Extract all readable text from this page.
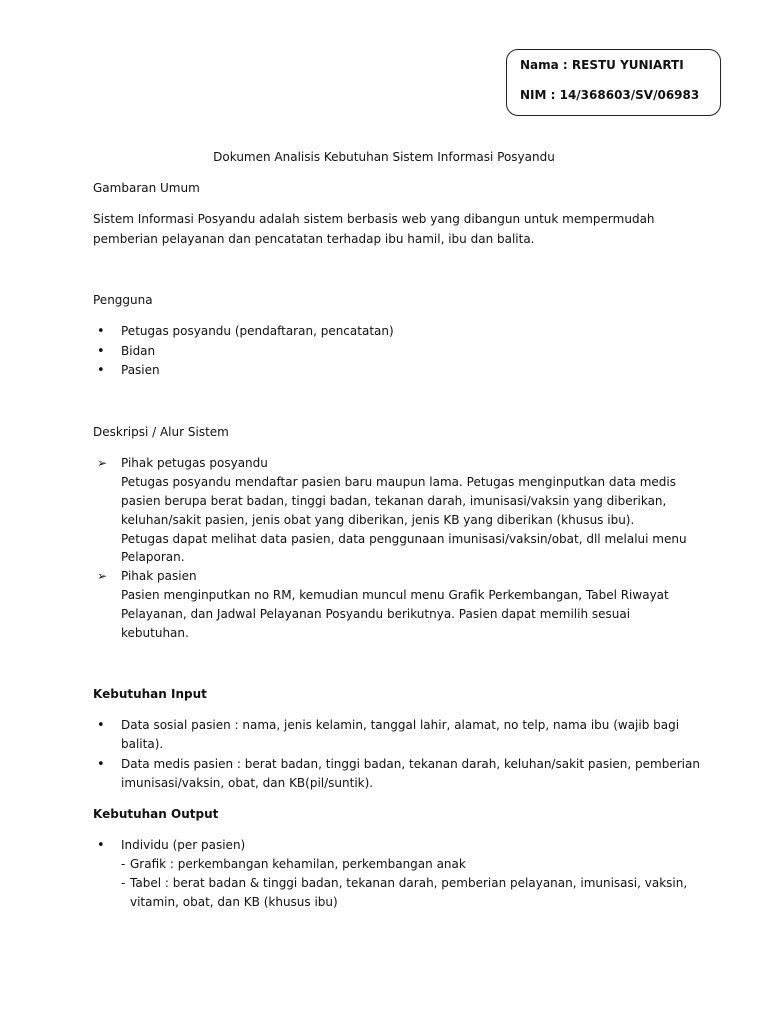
Nama : RESTU YUNIARTI
NIM : 14/368603/SV/06983
Dokumen Analisis Kebutuhan Sistem Informasi Posyandu
Gambaran Umum
Sistem Informasi Posyandu adalah sistem berbasis web yang dibangun untuk mempermudah
pemberian pelayanan dan pencatatan terhadap ibu hamil, ibu dan balita.
Pengguna
• Petugas posyandu (pendaftaran, pencatatan)
• Bidan
• Pasien
Deskripsi / Alur Sistem
➢ Pihak petugas posyandu
Petugas posyandu mendaftar pasien baru maupun lama. Petugas menginputkan data medis
pasien berupa berat badan, tinggi badan, tekanan darah, imunisasi/vaksin yang diberikan,
keluhan/sakit pasien, jenis obat yang diberikan, jenis KB yang diberikan (khusus ibu).
Petugas dapat melihat data pasien, data penggunaan imunisasi/vaksin/obat, dll melalui menu
Pelaporan.
➢ Pihak pasien
Pasien menginputkan no RM, kemudian muncul menu Grafik Perkembangan, Tabel Riwayat
Pelayanan, dan Jadwal Pelayanan Posyandu berikutnya. Pasien dapat memilih sesuai
kebutuhan.
Kebutuhan Input
• Data sosial pasien : nama, jenis kelamin, tanggal lahir, alamat, no telp, nama ibu (wajib bagi
balita).
• Data medis pasien : berat badan, tinggi badan, tekanan darah, keluhan/sakit pasien, pemberian
imunisasi/vaksin, obat, dan KB(pil/suntik).
Kebutuhan Output
• Individu (per pasien)
- Grafik : perkembangan kehamilan, perkembangan anak
- Tabel : berat badan & tinggi badan, tekanan darah, pemberian pelayanan, imunisasi, vaksin,
vitamin, obat, dan KB (khusus ibu)
